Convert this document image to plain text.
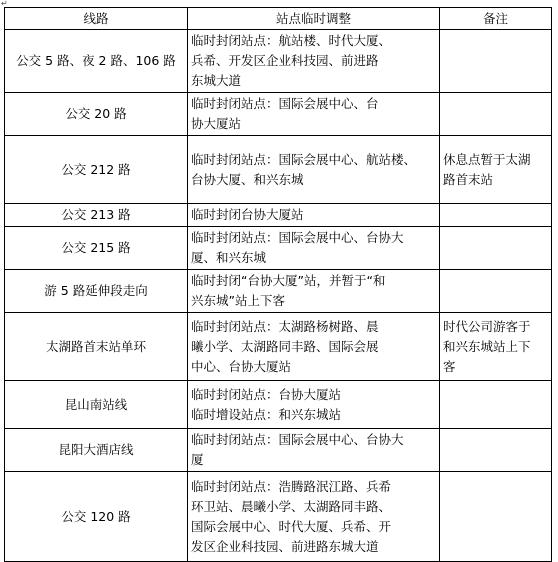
↵
线路	站点临时调整	备注
公交 5 路、夜 2 路、106 路	临时封闭站点：航站楼、时代大厦、
兵希、开发区企业科技园、前进路
东城大道	

公交 20 路	临时封闭站点：国际会展中心、台
协大厦站	

公交 212 路	临时封闭站点：国际会展中心、航站楼、
台协大厦、和兴东城	休息点暂于太湖
路首末站

公交 213 路	临时封闭台协大厦站	

公交 215 路	临时封闭站点：国际会展中心、台协大
厦、和兴东城	

游 5 路延伸段走向	临时封闭“台协大厦”站，并暂于“和
兴东城”站上下客	

太湖路首末站单环	临时封闭站点：太湖路杨树路、晨
曦小学、太湖路同丰路、国际会展
中心、台协大厦站	时代公司游客于
和兴东城站上下
客

昆山南站线	临时封闭站点：台协大厦站
临时增设站点：和兴东城站	

昆阳大酒店线	临时封闭站点：国际会展中心、台协大
厦	

公交 120 路	临时封闭站点：浩腾路泯江路、兵希
环卫站、晨曦小学、太湖路同丰路、
国际会展中心、时代大厦、兵希、开
发区企业科技园、前进路东城大道	
